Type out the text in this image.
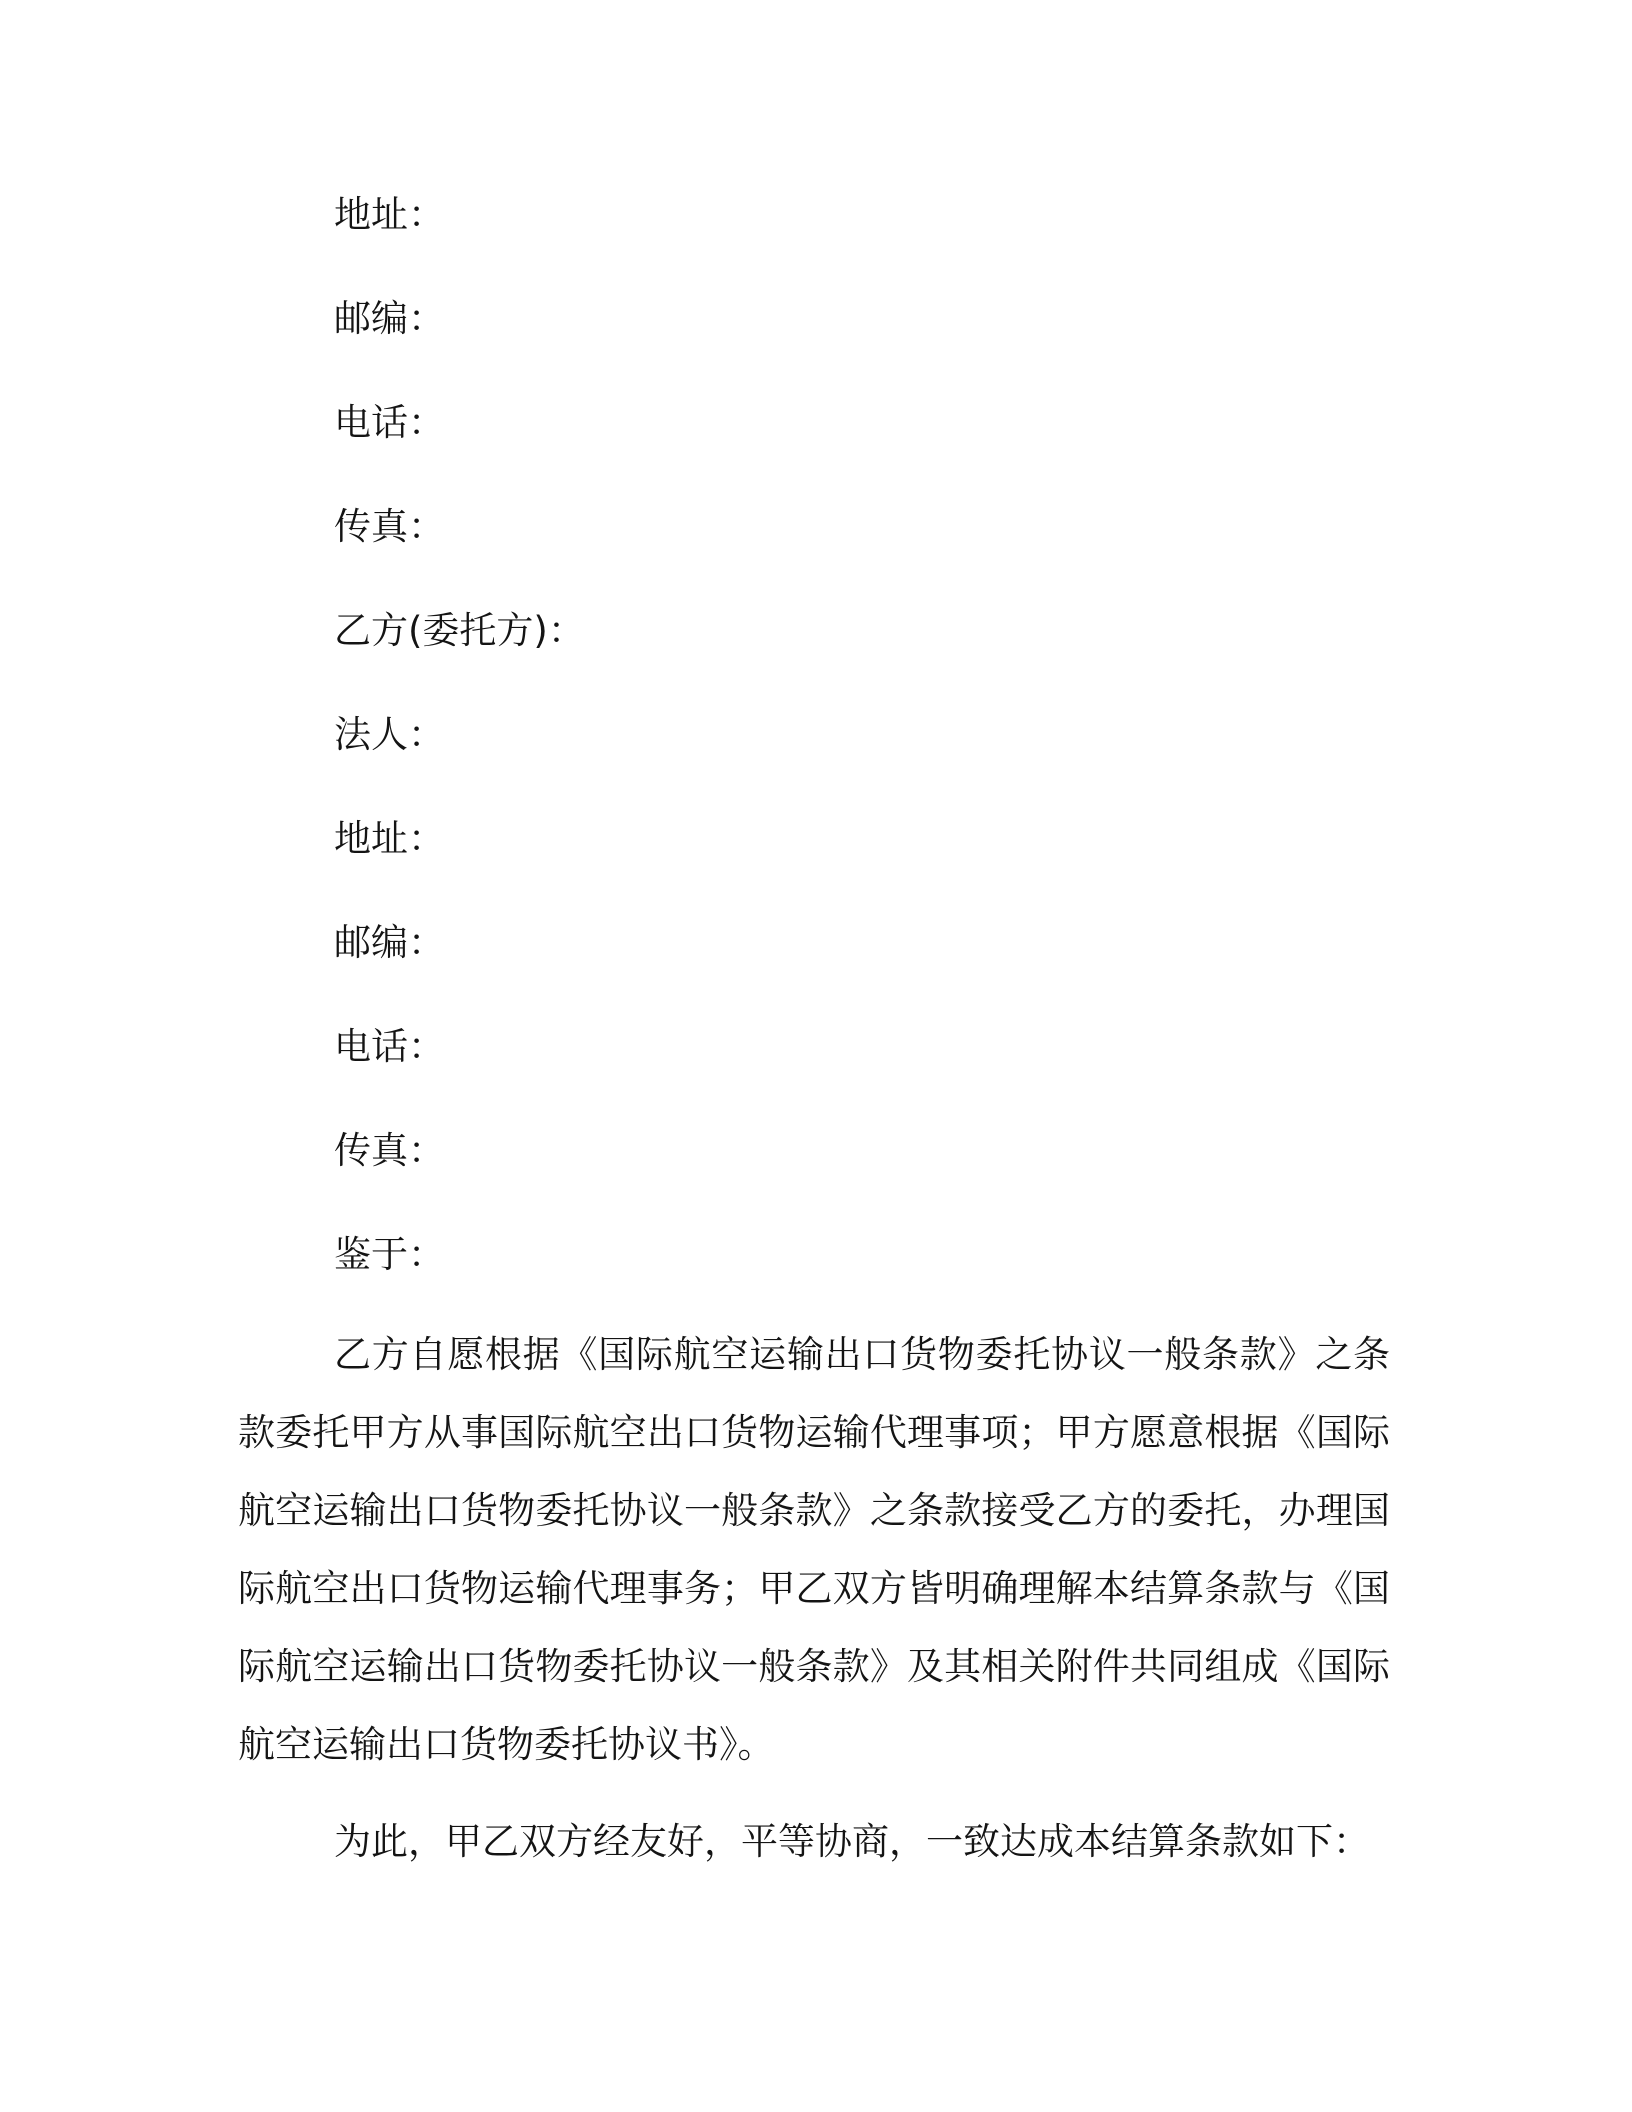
地址：
邮编：
电话：
传真：
乙方(委托方)：
法人：
地址：
邮编：
电话：
传真：
鉴于：

乙方自愿根据《国际航空运输出口货物委托协议一般条款》之条款委托甲方从事国际航空出口货物运输代理事项；甲方愿意根据《国际航空运输出口货物委托协议一般条款》之条款接受乙方的委托，办理国际航空出口货物运输代理事务；甲乙双方皆明确理解本结算条款与《国际航空运输出口货物委托协议一般条款》及其相关附件共同组成《国际航空运输出口货物委托协议书》。

为此，甲乙双方经友好，平等协商，一致达成本结算条款如下：
